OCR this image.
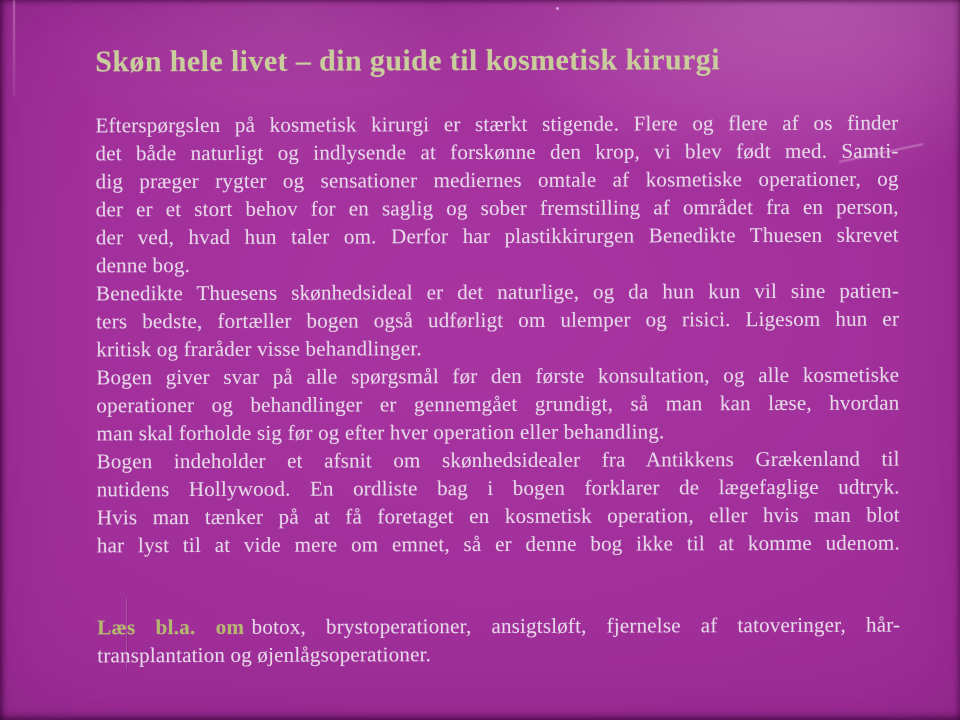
Skøn hele livet – din guide til kosmetisk kirurgi
Efterspørgslen på kosmetisk kirurgi er stærkt stigende. Flere og flere af os finder
det både naturligt og indlysende at forskønne den krop, vi blev født med. Samti-
dig præger rygter og sensationer mediernes omtale af kosmetiske operationer, og
der er et stort behov for en saglig og sober fremstilling af området fra en person,
der ved, hvad hun taler om. Derfor har plastikkirurgen Benedikte Thuesen skrevet
denne bog.
Benedikte Thuesens skønhedsideal er det naturlige, og da hun kun vil sine patien-
ters bedste, fortæller bogen også udførligt om ulemper og risici. Ligesom hun er
kritisk og fraråder visse behandlinger.
Bogen giver svar på alle spørgsmål før den første konsultation, og alle kosmetiske
operationer og behandlinger er gennemgået grundigt, så man kan læse, hvordan
man skal forholde sig før og efter hver operation eller behandling.
Bogen indeholder et afsnit om skønhedsidealer fra Antikkens Grækenland til
nutidens Hollywood. En ordliste bag i bogen forklarer de lægefaglige udtryk.
Hvis man tænker på at få foretaget en kosmetisk operation, eller hvis man blot
har lyst til at vide mere om emnet, så er denne bog ikke til at komme udenom.
Læs bl.a. om botox, brystoperationer, ansigtsløft, fjernelse af tatoveringer, hår-
transplantation og øjenlågsoperationer.
